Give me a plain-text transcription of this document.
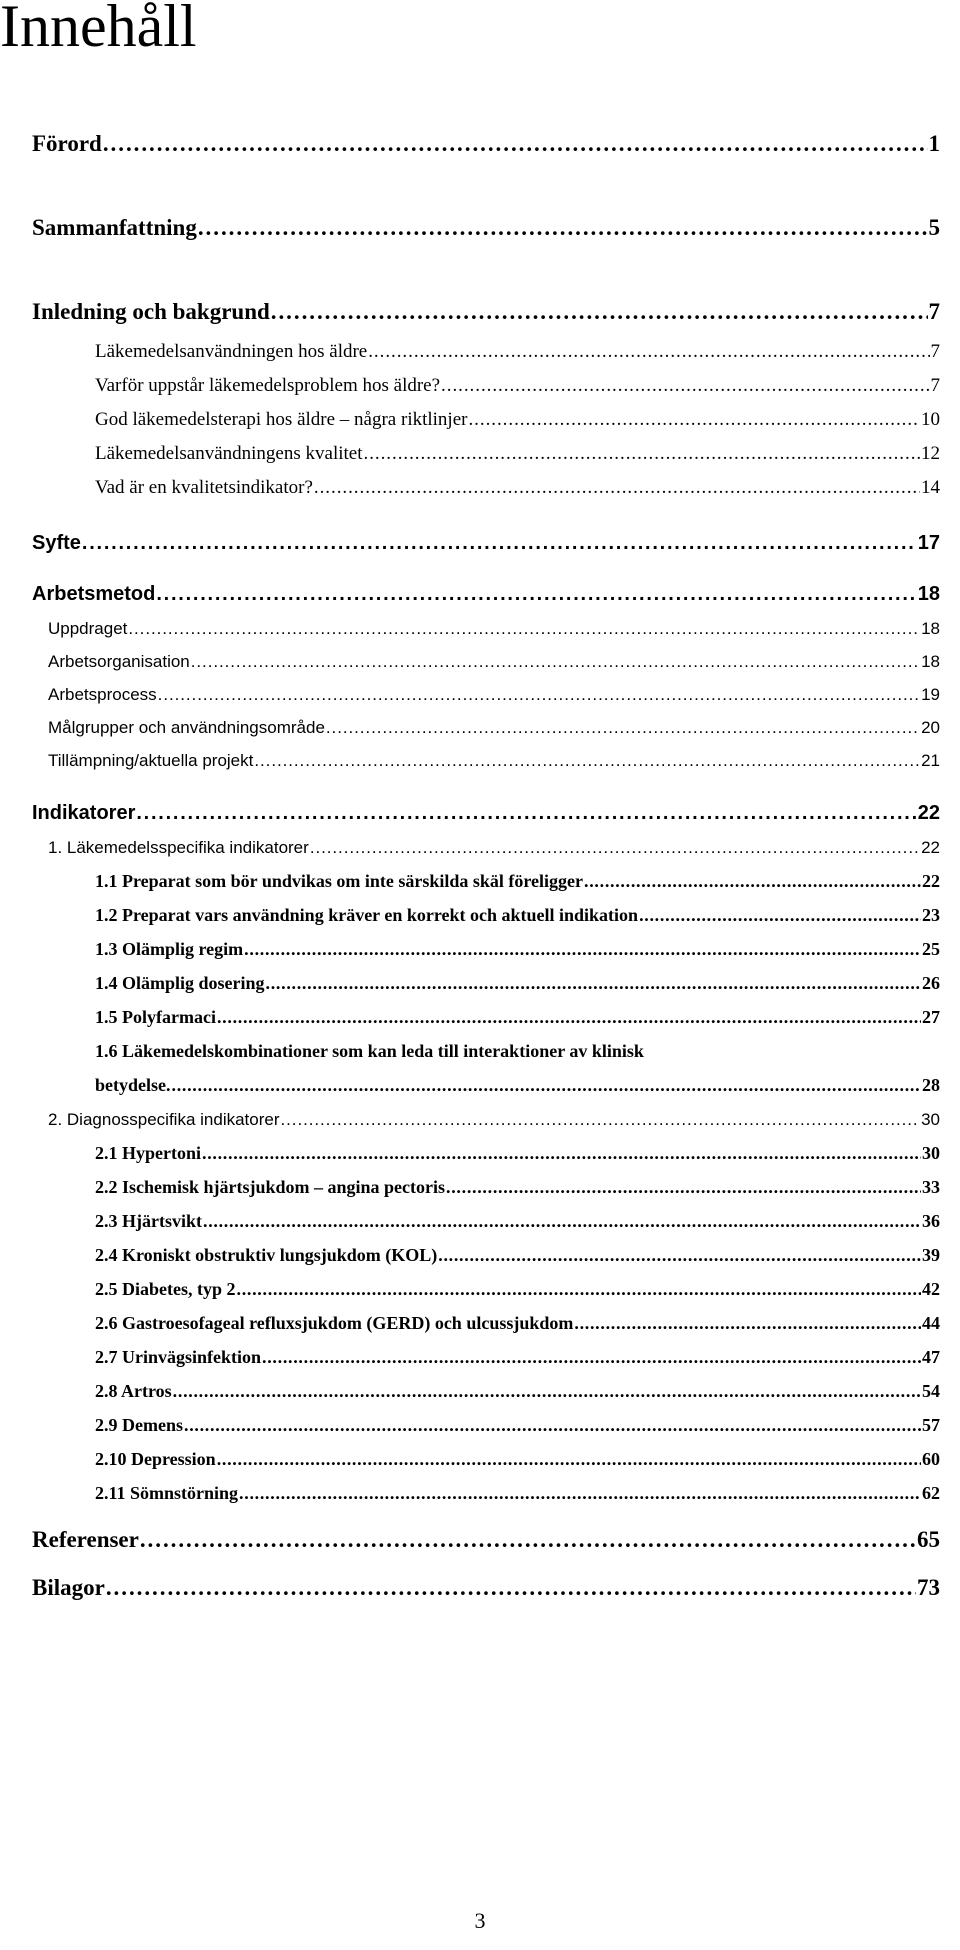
Innehåll
Förord . . .	1
Sammanfattning . . .	5
Inledning och bakgrund . . .	7
Läkemedelsanvändningen hos äldre . . .	7
Varför uppstår läkemedelsproblem hos äldre? . . .	7
God läkemedelsterapi hos äldre – några riktlinjer . . .	10
Läkemedelsanvändningens kvalitet . . .	12
Vad är en kvalitetsindikator? . . .	14
Syfte . . .	17
Arbetsmetod . . .	18
Uppdraget . . .	18
Arbetsorganisation . . .	18
Arbetsprocess . . .	19
Målgrupper och användningsområde . . .	20
Tillämpning/aktuella projekt . . .	21
Indikatorer . . .	22
1. Läkemedelsspecifika indikatorer . . .	22
1.1 Preparat som bör undvikas om inte särskilda skäl föreligger . . .	22
1.2 Preparat vars användning kräver en korrekt och aktuell indikation . . .	23
1.3 Olämplig regim . . .	25
1.4 Olämplig dosering . . .	26
1.5 Polyfarmaci . . .	27
1.6 Läkemedelskombinationer som kan leda till interaktioner av klinisk
betydelse. . . .	28
2. Diagnosspecifika indikatorer . . .	30
2.1 Hypertoni . . .	30
2.2 Ischemisk hjärtsjukdom – angina pectoris . . .	33
2.3 Hjärtsvikt . . .	36
2.4 Kroniskt obstruktiv lungsjukdom (KOL) . . .	39
2.5 Diabetes, typ 2 . . .	42
2.6 Gastroesofageal refluxsjukdom (GERD) och ulcussjukdom . . .	44
2.7 Urinvägsinfektion . . .	47
2.8 Artros . . .	54
2.9 Demens . . .	57
2.10 Depression . . .	60
2.11 Sömnstörning . . .	62
Referenser . . .	65
Bilagor . . .	73
3
